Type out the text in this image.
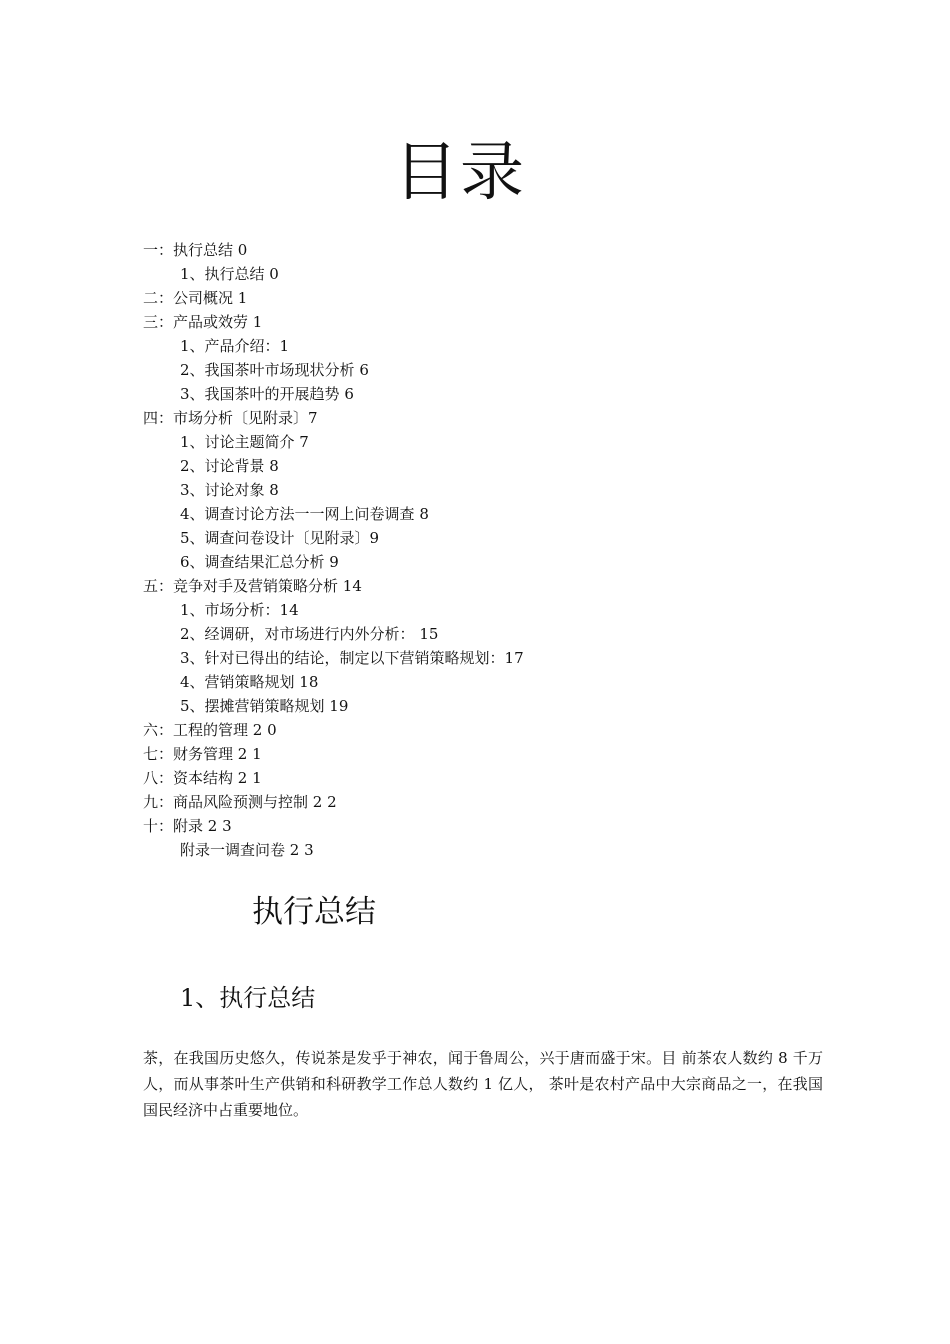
目录
一：执行总结 0
1、执行总结 0
二：公司概况 1
三：产品或效劳 1
1、产品介绍：1
2、我国茶叶市场现状分析 6
3、我国茶叶的开展趋势 6
四：市场分析〔见附录〕7
1、讨论主题简介 7
2、讨论背景 8
3、讨论对象 8
4、调查讨论方法一一网上问卷调查 8
5、调查问卷设计〔见附录〕9
6、调查结果汇总分析 9
五：竞争对手及营销策略分析 14
1、市场分析：14
2、经调研，对市场进行内外分析： 15
3、针对已得出的结论，制定以下营销策略规划：17
4、营销策略规划 18
5、摆摊营销策略规划 19
六：工程的管理 2 0
七：财务管理 2 1
八：资本结构 2 1
九：商品风险预测与控制 2 2
十：附录 2 3
附录一调查问卷 2 3
执行总结
1、执行总结

茶，在我国历史悠久，传说茶是发乎于神农，闻于鲁周公，兴于唐而盛于宋。目 前茶农人数约 8 千万人，而从事茶叶生产供销和科研教学工作总人数约 1 亿人， 茶叶是农村产品中大宗商品之一，在我国国民经济中占重要地位。
